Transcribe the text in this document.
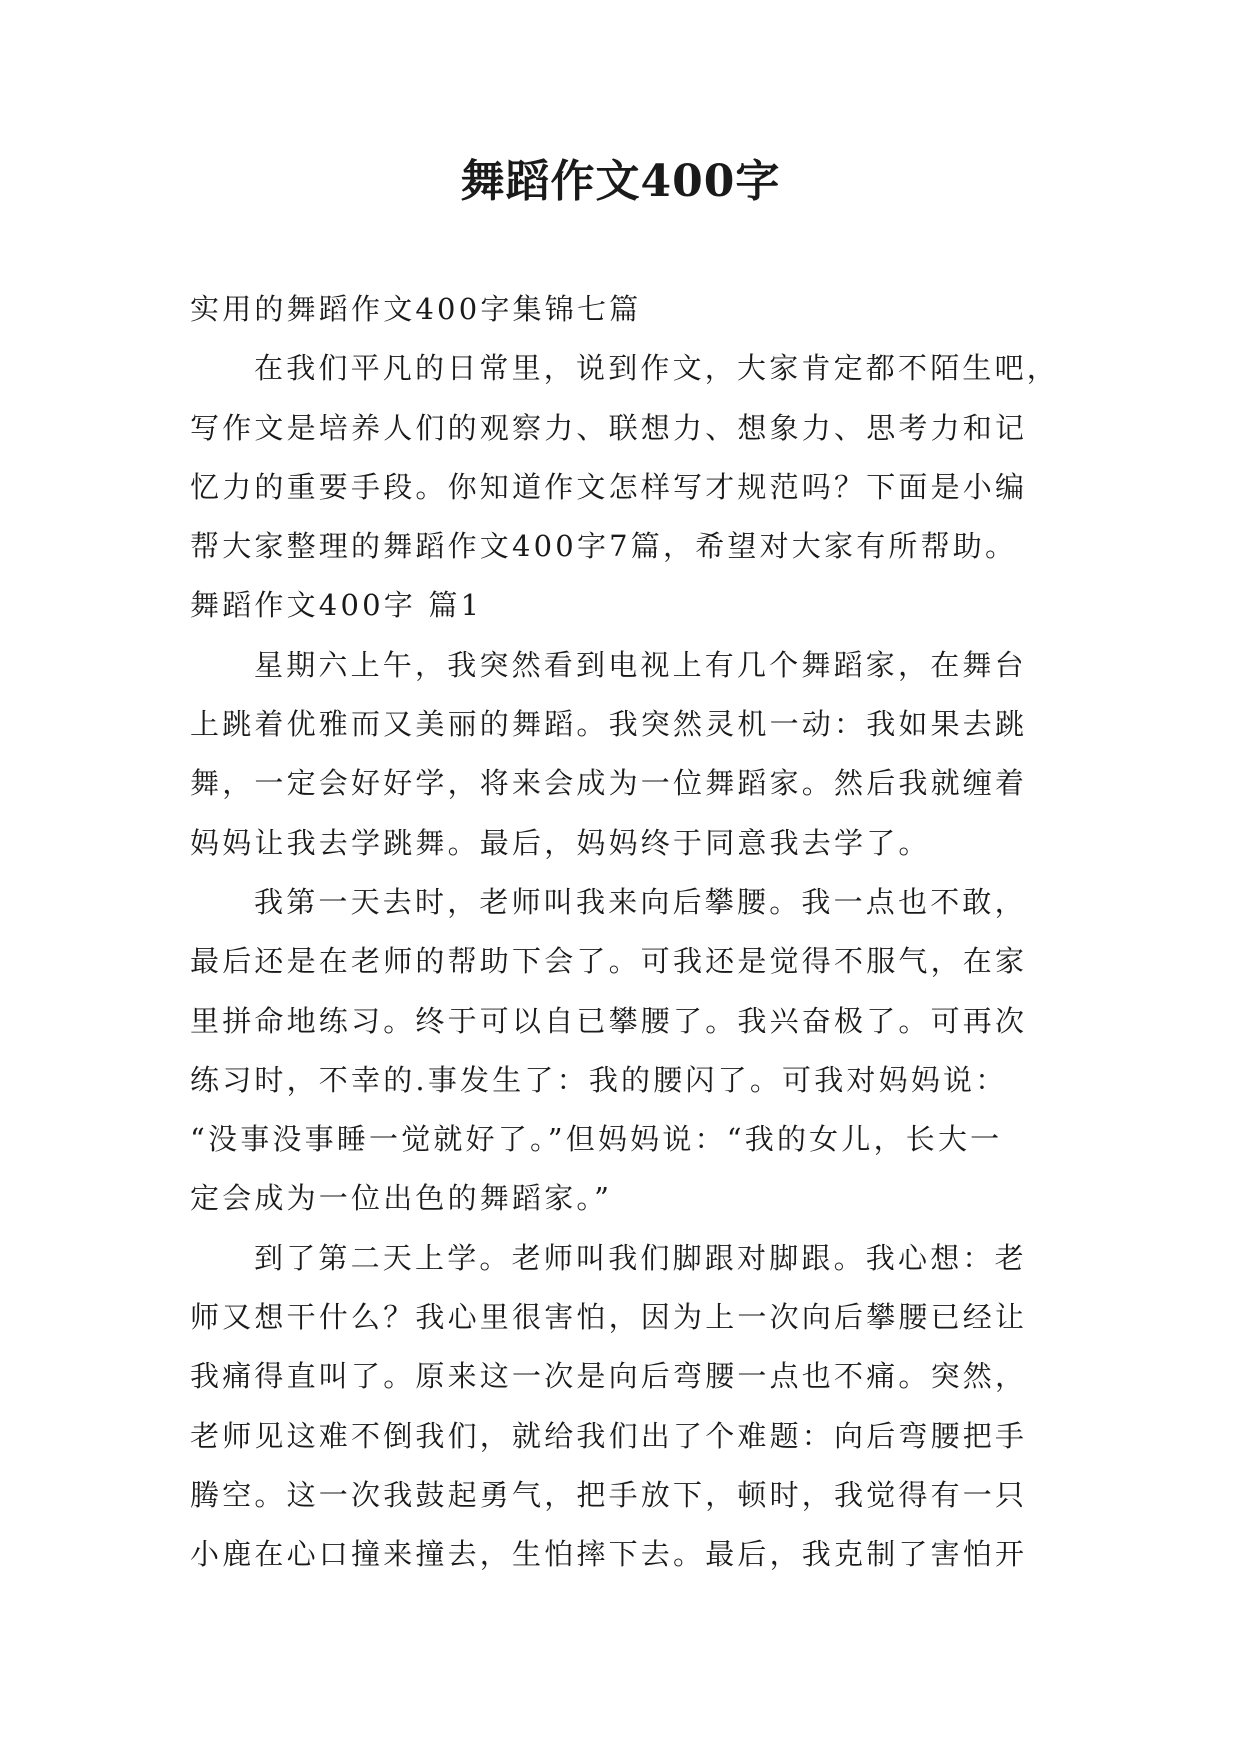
舞蹈作文400字
实用的舞蹈作文400字集锦七篇
在我们平凡的日常里，说到作文，大家肯定都不陌生吧，
写作文是培养人们的观察力、联想力、想象力、思考力和记
忆力的重要手段。你知道作文怎样写才规范吗？下面是小编
帮大家整理的舞蹈作文400字7篇，希望对大家有所帮助。
舞蹈作文400字 篇1
星期六上午，我突然看到电视上有几个舞蹈家，在舞台
上跳着优雅而又美丽的舞蹈。我突然灵机一动：我如果去跳
舞，一定会好好学，将来会成为一位舞蹈家。然后我就缠着
妈妈让我去学跳舞。最后，妈妈终于同意我去学了。
我第一天去时，老师叫我来向后攀腰。我一点也不敢，
最后还是在老师的帮助下会了。可我还是觉得不服气，在家
里拼命地练习。终于可以自已攀腰了。我兴奋极了。可再次
练习时，不幸的.事发生了：我的腰闪了。可我对妈妈说：
“没事没事睡一觉就好了。”但妈妈说：“我的女儿，长大一
定会成为一位出色的舞蹈家。”
到了第二天上学。老师叫我们脚跟对脚跟。我心想：老
师又想干什么？我心里很害怕，因为上一次向后攀腰已经让
我痛得直叫了。原来这一次是向后弯腰一点也不痛。突然，
老师见这难不倒我们，就给我们出了个难题：向后弯腰把手
腾空。这一次我鼓起勇气，把手放下，顿时，我觉得有一只
小鹿在心口撞来撞去，生怕摔下去。最后，我克制了害怕开
